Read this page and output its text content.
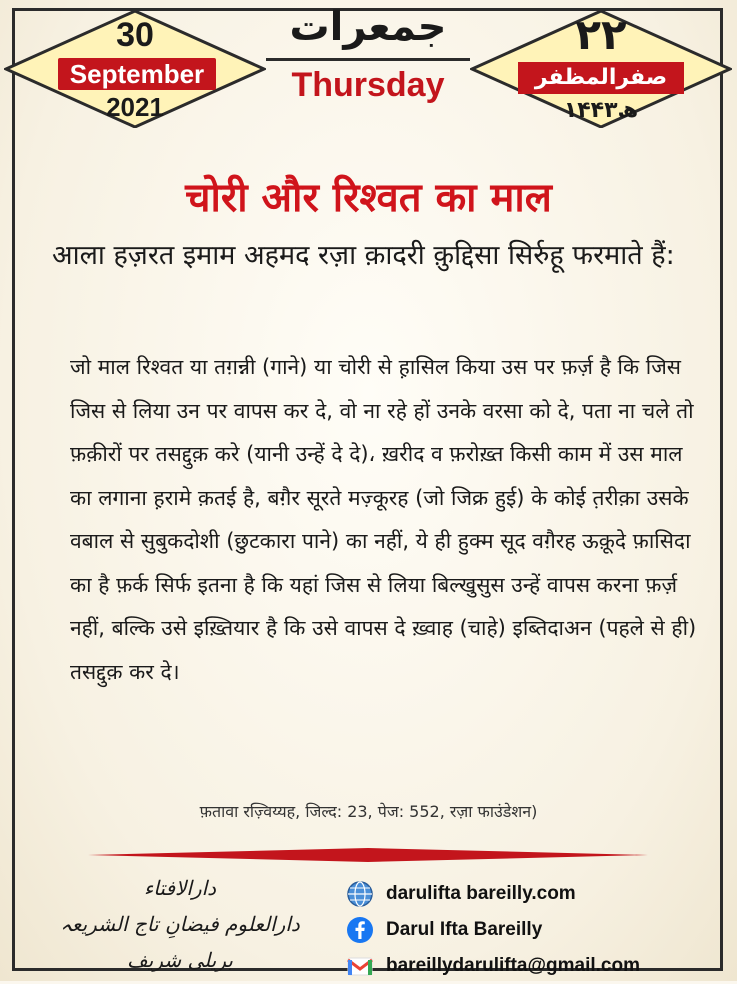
30
September
2021
جمعرات
Thursday
۲۲
صفرالمظفر
۱۴۴۳ھ
चोरी और रिश्वत का माल
आला हज़रत इमाम अहमद रज़ा क़ादरी क़ुद्दिसा सिर्रुहू फरमाते हैं:
जो माल रिश्वत या तग़न्नी (गाने) या चोरी से ह़ासिल किया उस पर फ़र्ज़ है कि जिस जिस से लिया उन पर वापस कर दे, वो ना रहे हों उनके वरसा को दे, पता ना चले तो फ़क़ीरों पर तसद्दुक़ करे (यानी उन्हें दे दे)، ख़रीद व फ़रोख़्त किसी काम में उस माल का लगाना ह़रामे क़तई है, बग़ैर सूरते मज़्कूरह (जो जिक्र हुई) के कोई त़रीक़ा उसके वबाल से सुबुकदोशी (छुटकारा पाने) का नहीं, ये ही हुक्म सूद वग़ैरह ऊक़ूदे फ़ासिदा का है फ़र्क सिर्फ इतना है कि यहां जिस से लिया बिल्खुसुस उन्हें वापस करना फ़र्ज़ नहीं, बल्कि उसे इख़्तियार है कि उसे वापस दे ख़्वाह (चाहे) इब्तिदाअन (पहले से ही) तसद्दुक़ कर दे।
फ़तावा रज़्विय्यह, जिल्द: 23, पेज: 552, रज़ा फाउंडेशन)
دارالافتاء
دارالعلوم فیضانِ تاج الشریعہ
بریلی شریف
darulifta bareilly.com
Darul Ifta Bareilly
bareillydarulifta@gmail.com
